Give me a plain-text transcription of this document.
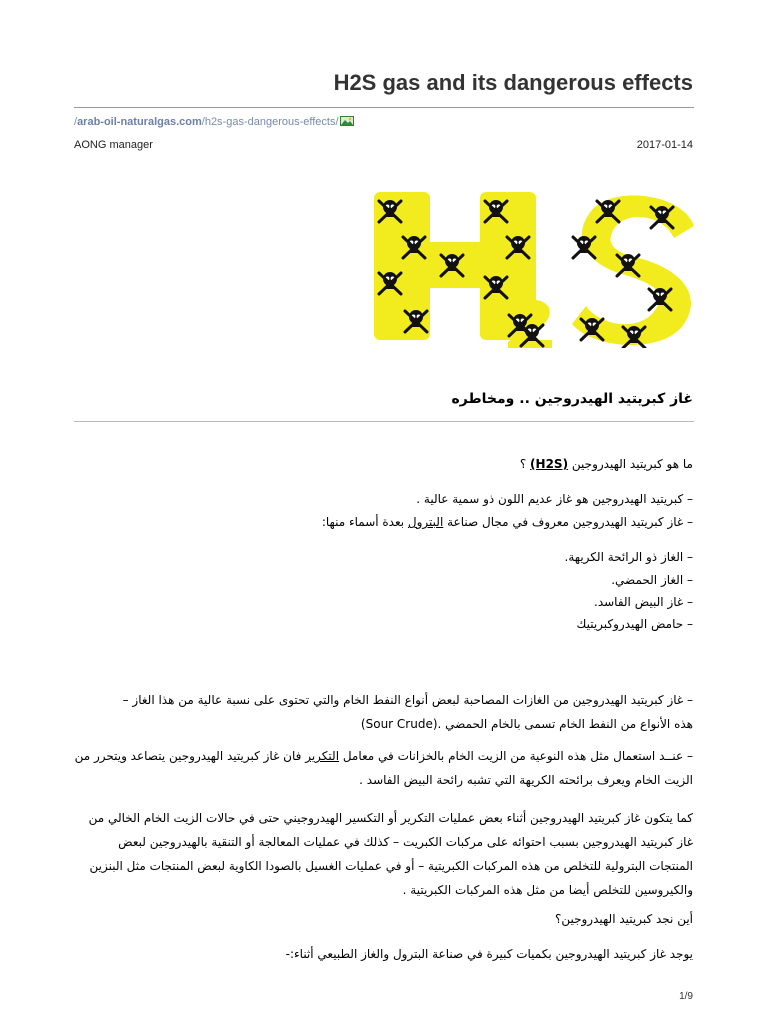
H2S gas and its dangerous effects
/arab-oil-naturalgas.com/h2s-gas-dangerous-effects/
AONG manager	2017-01-14
غاز كبريتيد الهيدروجين .. ومخاطره
ما هو كبريتيد الهيدروجين (H2S) ؟
– كبريتيد الهيدروجين هو غاز عديم اللون ذو سمية عالية .
– غاز كبريتيد الهيدروجين معروف في مجال صناعة البترول بعدة أسماء منها:
– الغاز ذو الرائحة الكريهة.
– الغاز الحمضي.
– غاز البيض الفاسد.
– حامض الهيدروكبريتيك
– غاز كبريتيد الهيدروجين من الغازات المصاحبة لبعض أنواع النفط الخام والتي تحتوى على نسبة عالية من هذا الغاز –
هذه الأنواع من النفط الخام تسمى بالخام الحمضي .(Sour Crude)
– عنــد استعمال مثل هذه النوعية من الزيت الخام بالخزانات في معامل التكرير فان غاز كبريتيد الهيدروجين يتصاعد ويتحرر من
الزيت الخام ويعرف برائحته الكريهة التي تشبه رائحة البيض الفاسد .
كما يتكون غاز كبريتيد الهيدروجين أثناء بعض عمليات التكرير أو التكسير الهيدروجيني حتى في حالات الزيت الخام الخالي من
غاز كبريتيد الهيدروجين بسبب احتوائه على مركبات الكبريت – كذلك في عمليات المعالجة أو التنقية بالهيدروجين لبعض
المنتجات البترولية للتخلص من هذه المركبات الكبريتية – أو في عمليات الغسيل بالصودا الكاوية لبعض المنتجات مثل البنزين
والكيروسين للتخلص أيضا من مثل هذه المركبات الكبريتية .
أين نجد كبريتيد الهيدروجين؟
يوجد غاز كبريتيد الهيدروجين بكميات كبيرة في صناعة البترول والغاز الطبيعي أثناء:-
1/9
